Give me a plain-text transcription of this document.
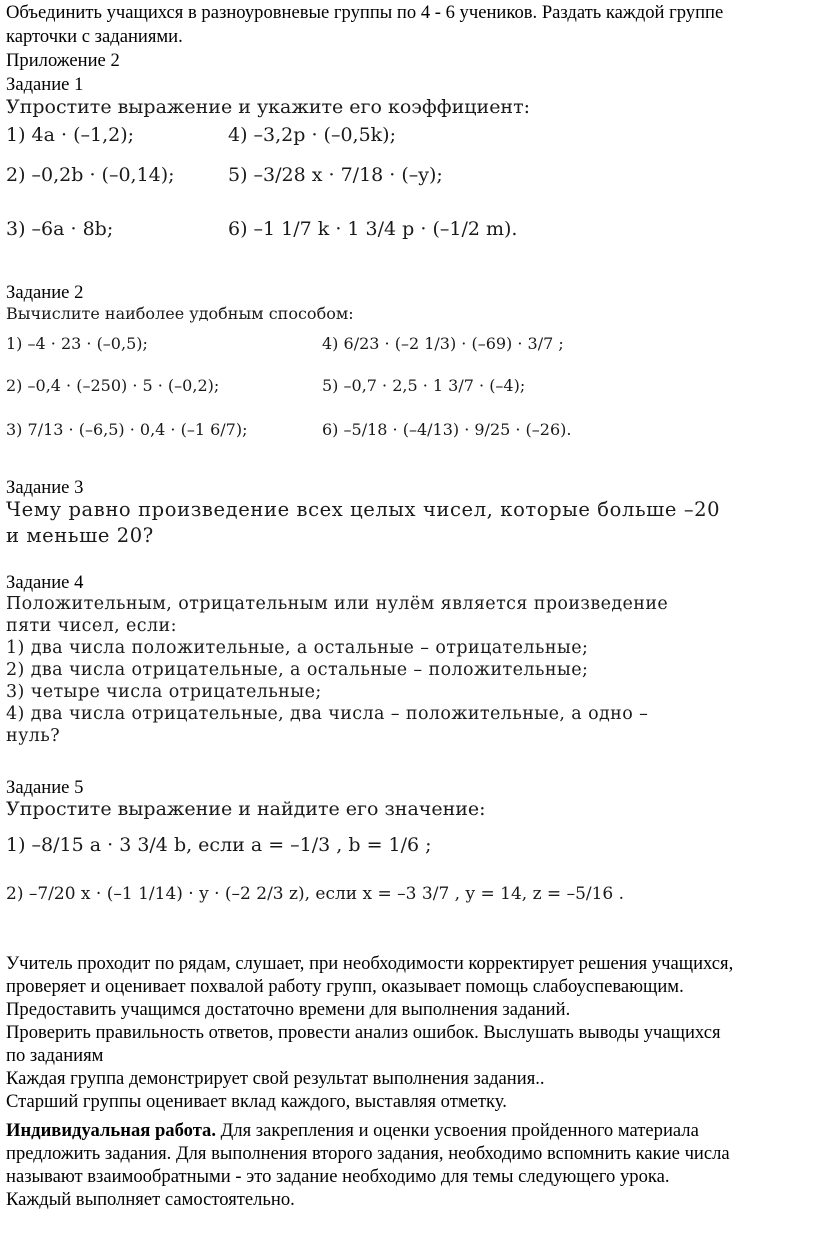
Объединить учащихся в разноуровневые группы по 4 - 6 учеников. Раздать каждой группе
карточки с заданиями.
Приложение 2
Задание 1
Упростите выражение и укажите его коэффициент:
1) 4a · (–1,2);	4) –3,2p · (–0,5k);
2) –0,2b · (–0,14);	5) –3/28 x · 7/18 · (–y);
3) –6a · 8b;	6) –1 1/7 k · 1 3/4 p · (–1/2 m).
Задание 2
Вычислите наиболее удобным способом:
1) –4 · 23 · (–0,5);	4) 6/23 · (–2 1/3) · (–69) · 3/7 ;
2) –0,4 · (–250) · 5 · (–0,2);	5) –0,7 · 2,5 · 1 3/7 · (–4);
3) 7/13 · (–6,5) · 0,4 · (–1 6/7);	6) –5/18 · (–4/13) · 9/25 · (–26).
Задание 3
Чему равно произведение всех целых чисел, которые больше –20
и меньше 20?
Задание 4
Положительным, отрицательным или нулём является произведение
пяти чисел, если:
1) два числа положительные, а остальные – отрицательные;
2) два числа отрицательные, а остальные – положительные;
3) четыре числа отрицательные;
4) два числа отрицательные, два числа – положительные, а одно –
нуль?
Задание 5
Упростите выражение и найдите его значение:
1) –8/15 a · 3 3/4 b, если a = –1/3 , b = 1/6 ;
2) –7/20 x · (–1 1/14) · y · (–2 2/3 z), если x = –3 3/7 , y = 14, z = –5/16 .
Учитель проходит по рядам, слушает, при необходимости корректирует решения учащихся,
проверяет и оценивает похвалой работу групп, оказывает помощь слабоуспевающим.
Предоставить учащимся достаточно времени для выполнения заданий.
Проверить правильность ответов, провести анализ ошибок. Выслушать выводы учащихся
по заданиям
Каждая группа демонстрирует свой результат выполнения задания..
Старший группы оценивает вклад каждого, выставляя отметку.
Индивидуальная работа. Для закрепления и оценки усвоения пройденного материала
предложить задания. Для выполнения второго задания, необходимо вспомнить какие числа
называют взаимообратными - это задание необходимо для темы следующего урока.
Каждый выполняет самостоятельно.
